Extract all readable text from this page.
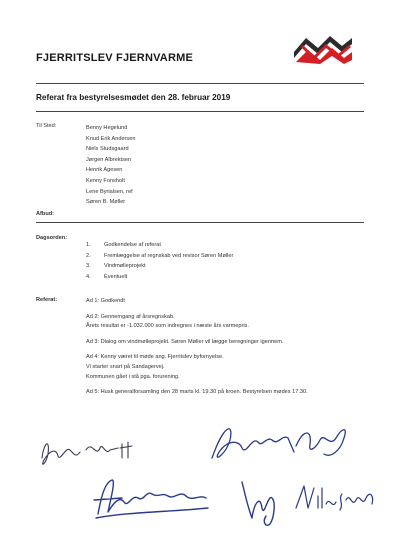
FJERRITSLEV FJERNVARME
Referat fra bestyrelsesmødet den 28. februar 2019
Til Sted:	Benny Hegelund
Knud Erik Andersen
Niels Studsgaard
Jørgen Albrektsen
Henrik Agesen
Kenny Fonsholt
Lene Byrialsen, ref
Søren B. Møller
Afbud:
Dagsorden:
1. Godkendelse af referat
2. Fremlæggelse af regnskab ved revisor Søren Møller
3. Vindmølleprojekt
4. Eventuelt
Referat:	Ad 1: Godkendt
Ad 2: Gennemgang af årsregnskab.
Årets resultat er -1.032.000 som indregnes i næste års varmepris.
Ad 3: Dialog om vindmølleprojekt. Søren Møller vil lægge beregninger igennem.
Ad 4: Kenny været til møde ang. Fjerritslev byfornyelse.
Vi starter snart på Sandagervej.
Kommunen gået i stå pga. forurening.
Ad 5: Husk generalforsamling den 28 marts kl. 19.30 på kroen. Bestyrelsen mødes 17.30.
